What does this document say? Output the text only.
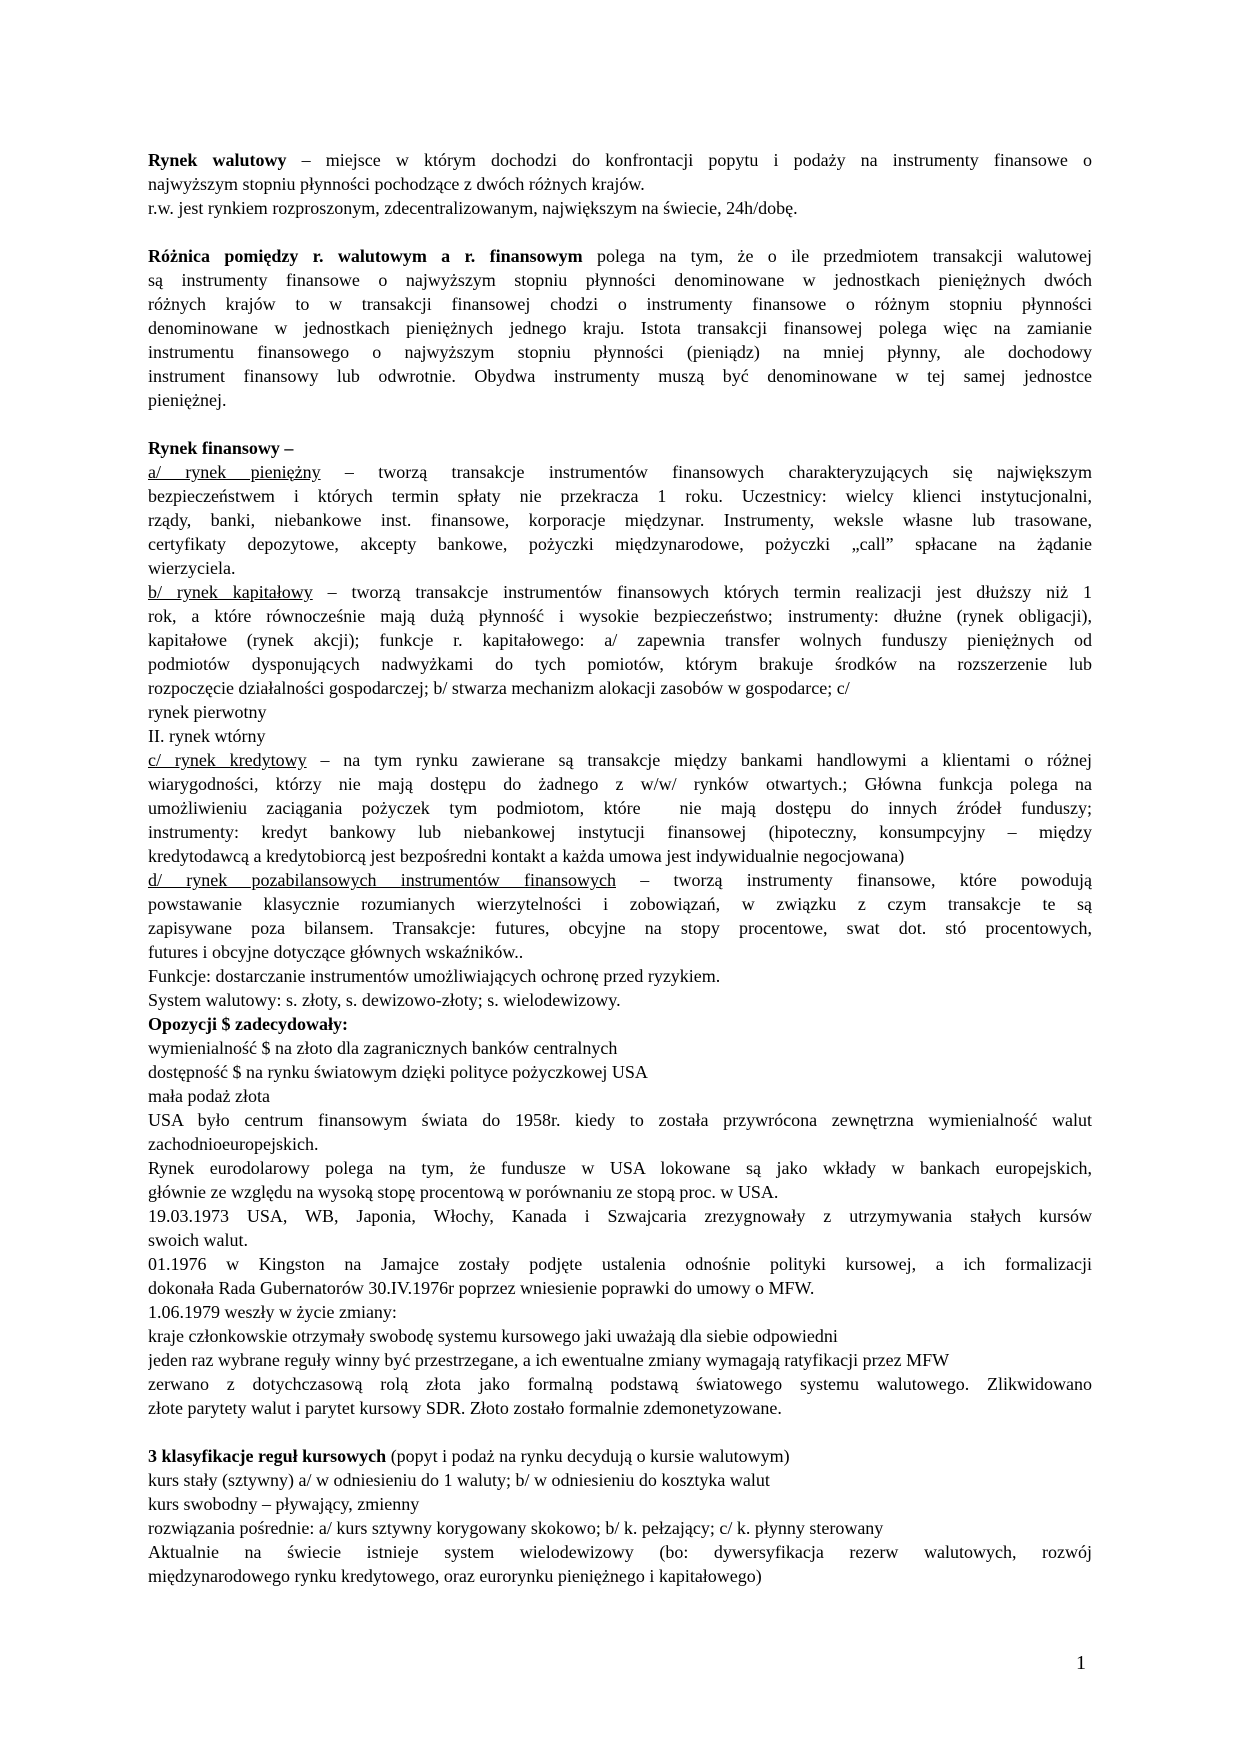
Rynek walutowy – miejsce w którym dochodzi do konfrontacji popytu i podaży na instrumenty finansowe o
najwyższym stopniu płynności pochodzące z dwóch różnych krajów.
r.w. jest rynkiem rozproszonym, zdecentralizowanym, największym na świecie, 24h/dobę.

Różnica pomiędzy r. walutowym a r. finansowym polega na tym, że o ile przedmiotem transakcji walutowej
są instrumenty finansowe o najwyższym stopniu płynności denominowane w jednostkach pieniężnych dwóch
różnych krajów to w transakcji finansowej chodzi o instrumenty finansowe o różnym stopniu płynności
denominowane w jednostkach pieniężnych jednego kraju. Istota transakcji finansowej polega więc na zamianie
instrumentu finansowego o najwyższym stopniu płynności (pieniądz) na mniej płynny, ale dochodowy
instrument finansowy lub odwrotnie. Obydwa instrumenty muszą być denominowane w tej samej jednostce
pieniężnej.

Rynek finansowy –
a/ rynek pieniężny – tworzą transakcje instrumentów finansowych charakteryzujących się największym
bezpieczeństwem i których termin spłaty nie przekracza 1 roku. Uczestnicy: wielcy klienci instytucjonalni,
rządy, banki, niebankowe inst. finansowe, korporacje międzynar. Instrumenty, weksle własne lub trasowane,
certyfikaty depozytowe, akcepty bankowe, pożyczki międzynarodowe, pożyczki „call” spłacane na żądanie
wierzyciela.
b/ rynek kapitałowy – tworzą transakcje instrumentów finansowych których termin realizacji jest dłuższy niż 1
rok, a które równocześnie mają dużą płynność i wysokie bezpieczeństwo; instrumenty: dłużne (rynek obligacji),
kapitałowe (rynek akcji); funkcje r. kapitałowego: a/ zapewnia transfer wolnych funduszy pieniężnych od
podmiotów dysponujących nadwyżkami do tych pomiotów, którym brakuje środków na rozszerzenie lub
rozpoczęcie działalności gospodarczej; b/ stwarza mechanizm alokacji zasobów w gospodarce; c/
rynek pierwotny
II. rynek wtórny
c/ rynek kredytowy – na tym rynku zawierane są transakcje między bankami handlowymi a klientami o różnej
wiarygodności, którzy nie mają dostępu do żadnego z w/w/ rynków otwartych.; Główna funkcja polega na
umożliwieniu zaciągania pożyczek tym podmiotom, które  nie mają dostępu do innych źródeł funduszy;
instrumenty: kredyt bankowy lub niebankowej instytucji finansowej (hipoteczny, konsumpcyjny – między
kredytodawcą a kredytobiorcą jest bezpośredni kontakt a każda umowa jest indywidualnie negocjowana)
d/ rynek pozabilansowych instrumentów finansowych – tworzą instrumenty finansowe, które powodują
powstawanie klasycznie rozumianych wierzytelności i zobowiązań, w związku z czym transakcje te są
zapisywane poza bilansem. Transakcje: futures, obcyjne na stopy procentowe, swat dot. stó procentowych,
futures i obcyjne dotyczące głównych wskaźników..
Funkcje: dostarczanie instrumentów umożliwiających ochronę przed ryzykiem.
System walutowy: s. złoty, s. dewizowo-złoty; s. wielodewizowy.
Opozycji $ zadecydowały:
wymienialność $ na złoto dla zagranicznych banków centralnych
dostępność $ na rynku światowym dzięki polityce pożyczkowej USA
mała podaż złota
USA było centrum finansowym świata do 1958r. kiedy to została przywrócona zewnętrzna wymienialność walut
zachodnioeuropejskich.
Rynek eurodolarowy polega na tym, że fundusze w USA lokowane są jako wkłady w bankach europejskich,
głównie ze względu na wysoką stopę procentową w porównaniu ze stopą proc. w USA.
19.03.1973 USA, WB, Japonia, Włochy, Kanada i Szwajcaria zrezygnowały z utrzymywania stałych kursów
swoich walut.
01.1976 w Kingston na Jamajce zostały podjęte ustalenia odnośnie polityki kursowej, a ich formalizacji
dokonała Rada Gubernatorów 30.IV.1976r poprzez wniesienie poprawki do umowy o MFW.
1.06.1979 weszły w życie zmiany:
kraje członkowskie otrzymały swobodę systemu kursowego jaki uważają dla siebie odpowiedni
jeden raz wybrane reguły winny być przestrzegane, a ich ewentualne zmiany wymagają ratyfikacji przez MFW
zerwano z dotychczasową rolą złota jako formalną podstawą światowego systemu walutowego. Zlikwidowano
złote parytety walut i parytet kursowy SDR. Złoto zostało formalnie zdemonetyzowane.

3 klasyfikacje reguł kursowych (popyt i podaż na rynku decydują o kursie walutowym)
kurs stały (sztywny) a/ w odniesieniu do 1 waluty; b/ w odniesieniu do kosztyka walut
kurs swobodny – pływający, zmienny
rozwiązania pośrednie: a/ kurs sztywny korygowany skokowo; b/ k. pełzający; c/ k. płynny sterowany
Aktualnie na świecie istnieje system wielodewizowy (bo: dywersyfikacja rezerw walutowych, rozwój
międzynarodowego rynku kredytowego, oraz eurorynku pieniężnego i kapitałowego)
1
